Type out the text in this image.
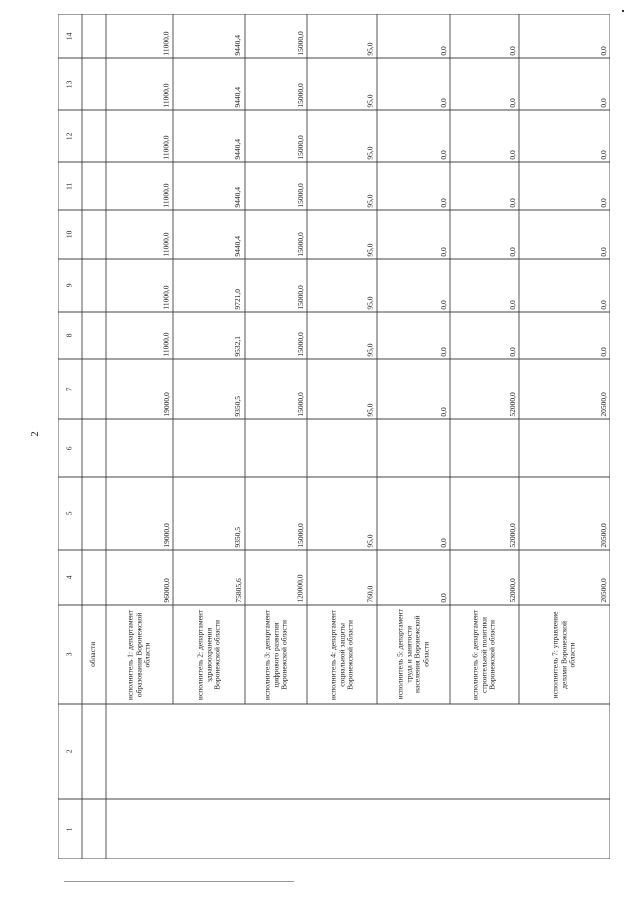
2
14
13
12
11
10
9
8
7
6
5
4
3
2
1
области	исполнитель 1: департамент образования Воронежской области
96000,0
19000,0
19000,0
11000,0
11000,0
11000,0
11000,0
11000,0
11000,0
11000,0
исполнитель 2: департамент здравоохранения Воронежской области
75805,6
9350,5
9350,5
9532,1
9721,0
9440,4
9440,4
9440,4
9440,4
9440,4
исполнитель 3: департамент цифрового развития Воронежской области
120000,0
15000,0
15000,0
15000,0
15000,0
15000,0
15000,0
15000,0
15000,0
15000,0
исполнитель 4: департамент социальной защиты Воронежской области
760,0
95,0
95,0
95,0
95,0
95,0
95,0
95,0
95,0
95,0
исполнитель 5: департамент труда и занятости населения Воронежской области
0,0
0,0
0,0
0,0
0,0
0,0
0,0
0,0
0,0
0,0
исполнитель 6: департамент строительной политики Воронежской области
52000,0
52000,0
52000,0
0,0
0,0
0,0
0,0
0,0
0,0
0,0
исполнитель 7: управление делами Воронежской области
20500,0
20500,0
20500,0
0,0
0,0
0,0
0,0
0,0
0,0
0,0
